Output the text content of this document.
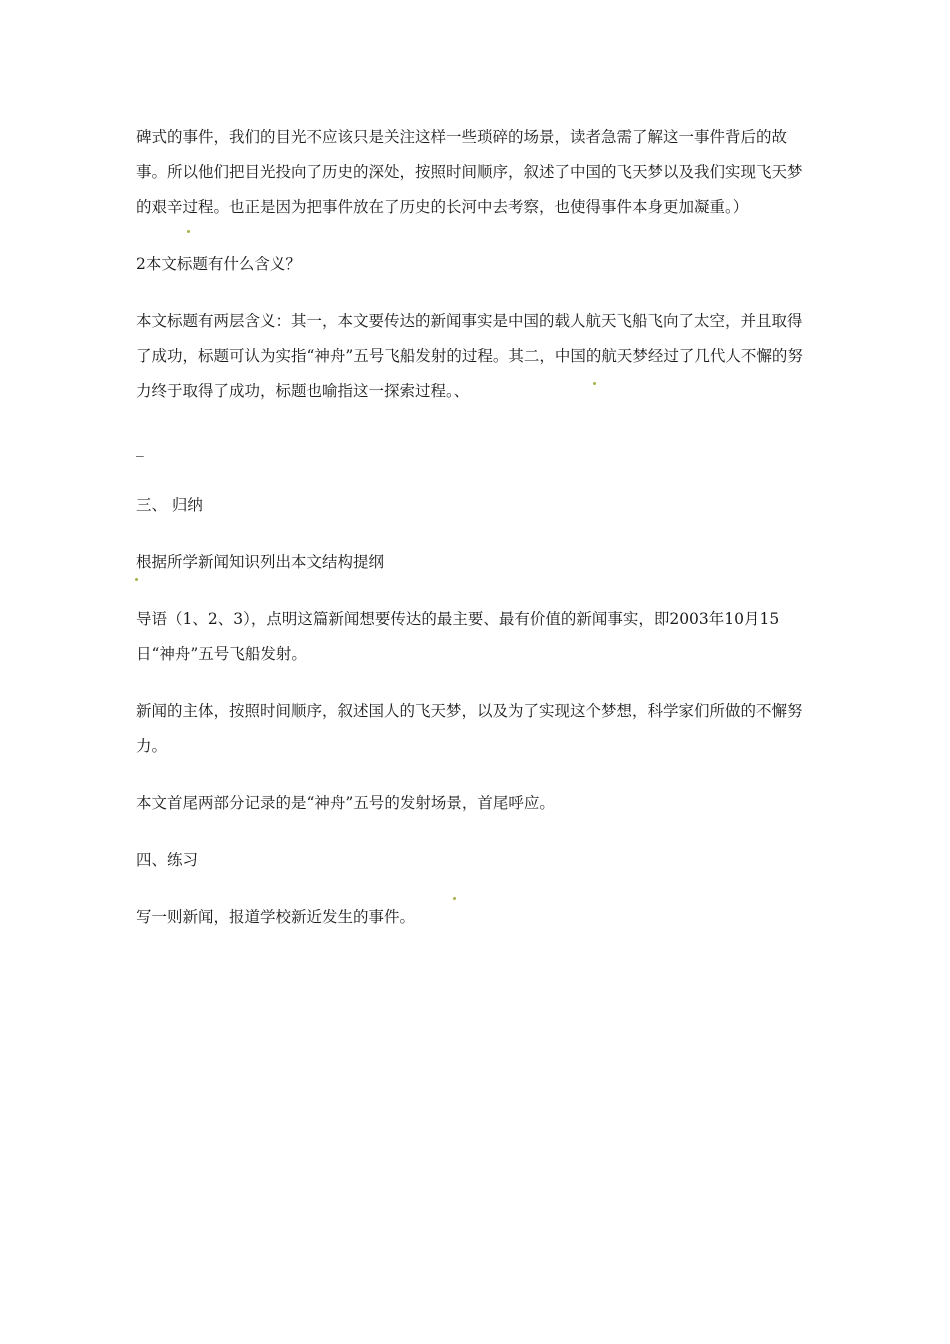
碑式的事件，我们的目光不应该只是关注这样一些琐碎的场景，读者急需了解这一事件背后的故事。所以他们把目光投向了历史的深处，按照时间顺序，叙述了中国的飞天梦以及我们实现飞天梦的艰辛过程。也正是因为把事件放在了历史的长河中去考察，也使得事件本身更加凝重。）

2本文标题有什么含义？

本文标题有两层含义：其一，本文要传达的新闻事实是中国的载人航天飞船飞向了太空，并且取得了成功，标题可认为实指“神舟”五号飞船发射的过程。其二，中国的航天梦经过了几代人不懈的努力终于取得了成功，标题也喻指这一探索过程。、

_

三、 归纳

根据所学新闻知识列出本文结构提纲

导语（1、2、3），点明这篇新闻想要传达的最主要、最有价值的新闻事实，即2003年10月15日“神舟”五号飞船发射。

新闻的主体，按照时间顺序，叙述国人的飞天梦，以及为了实现这个梦想，科学家们所做的不懈努力。

本文首尾两部分记录的是“神舟”五号的发射场景，首尾呼应。

四、练习

写一则新闻，报道学校新近发生的事件。
